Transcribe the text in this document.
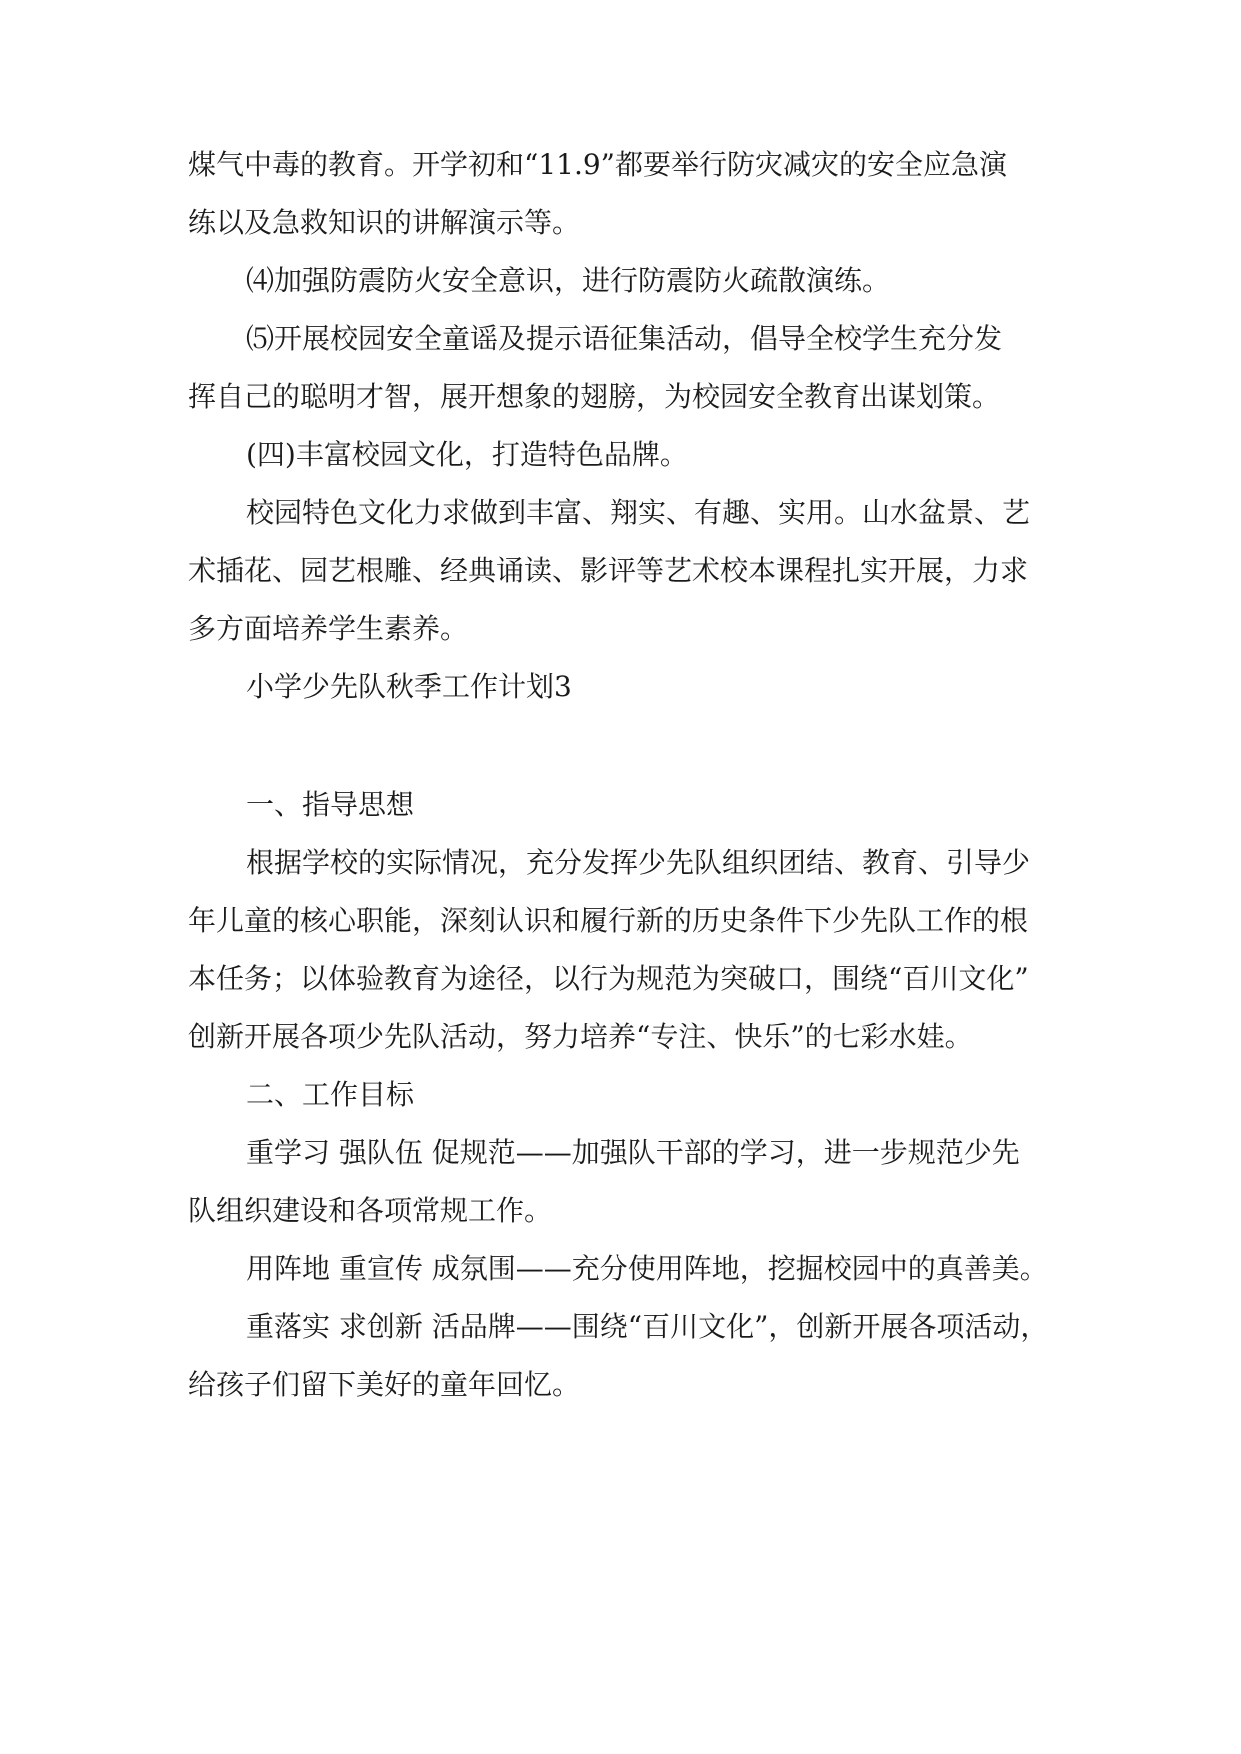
煤气中毒的教育。开学初和“11.9”都要举行防灾减灾的安全应急演
练以及急救知识的讲解演示等。
⑷加强防震防火安全意识，进行防震防火疏散演练。
⑸开展校园安全童谣及提示语征集活动，倡导全校学生充分发
挥自己的聪明才智，展开想象的翅膀，为校园安全教育出谋划策。
(四)丰富校园文化，打造特色品牌。
校园特色文化力求做到丰富、翔实、有趣、实用。山水盆景、艺
术插花、园艺根雕、经典诵读、影评等艺术校本课程扎实开展，力求
多方面培养学生素养。
小学少先队秋季工作计划3
一、指导思想
根据学校的实际情况，充分发挥少先队组织团结、教育、引导少
年儿童的核心职能，深刻认识和履行新的历史条件下少先队工作的根
本任务；以体验教育为途径，以行为规范为突破口，围绕“百川文化”
创新开展各项少先队活动，努力培养“专注、快乐”的七彩水娃。
二、工作目标
重学习 强队伍 促规范——加强队干部的学习，进一步规范少先
队组织建设和各项常规工作。
用阵地 重宣传 成氛围——充分使用阵地，挖掘校园中的真善美。
重落实 求创新 活品牌——围绕“百川文化”，创新开展各项活动，
给孩子们留下美好的童年回忆。
